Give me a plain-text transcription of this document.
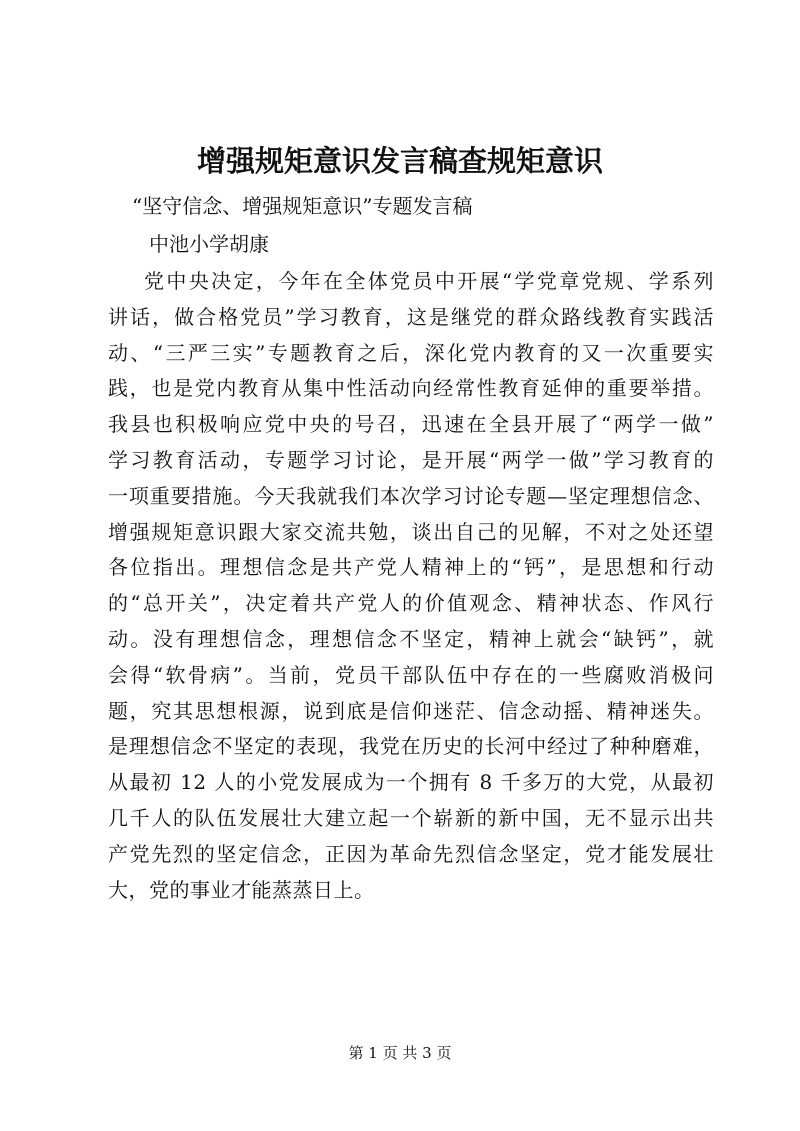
增强规矩意识发言稿查规矩意识
“坚守信念、增强规矩意识”专题发言稿
中池小学胡康
党中央决定，今年在全体党员中开展“学党章党规、学系列
讲话，做合格党员”学习教育，这是继党的群众路线教育实践活
动、“三严三实”专题教育之后，深化党内教育的又一次重要实
践，也是党内教育从集中性活动向经常性教育延伸的重要举措。
我县也积极响应党中央的号召，迅速在全县开展了“两学一做”
学习教育活动，专题学习讨论，是开展“两学一做”学习教育的
一项重要措施。今天我就我们本次学习讨论专题—坚定理想信念、
增强规矩意识跟大家交流共勉，谈出自己的见解，不对之处还望
各位指出。理想信念是共产党人精神上的“钙”，是思想和行动
的“总开关”，决定着共产党人的价值观念、精神状态、作风行
动。没有理想信念，理想信念不坚定，精神上就会“缺钙”，就
会得“软骨病”。当前，党员干部队伍中存在的一些腐败消极问
题，究其思想根源，说到底是信仰迷茫、信念动摇、精神迷失。
是理想信念不坚定的表现，我党在历史的长河中经过了种种磨难，
从最初 12 人的小党发展成为一个拥有 8 千多万的大党，从最初
几千人的队伍发展壮大建立起一个崭新的新中国，无不显示出共
产党先烈的坚定信念，正因为革命先烈信念坚定，党才能发展壮
大，党的事业才能蒸蒸日上。
第 1 页 共 3 页
